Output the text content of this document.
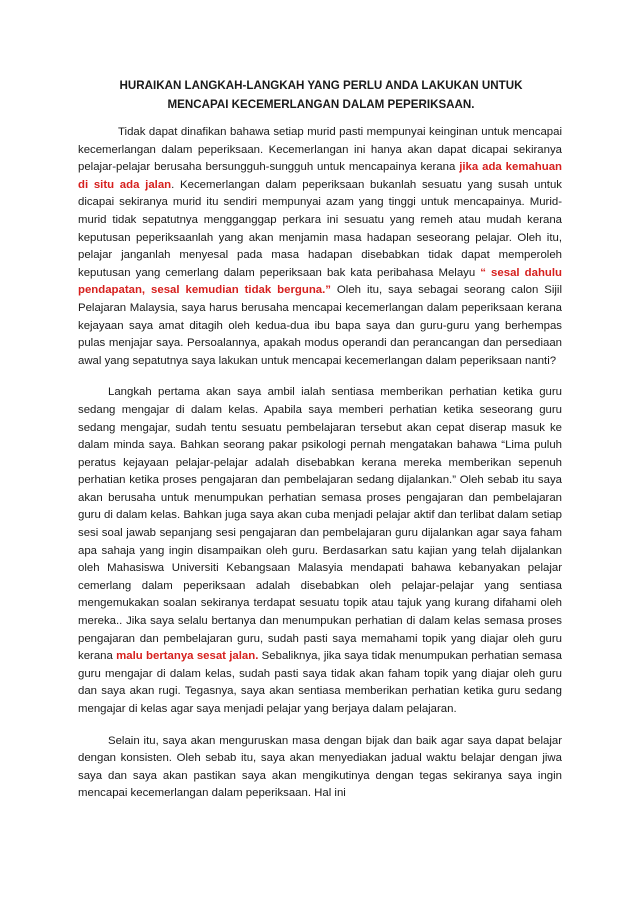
HURAIKAN LANGKAH-LANGKAH YANG PERLU ANDA LAKUKAN UNTUK
MENCAPAI KECEMERLANGAN DALAM PEPERIKSAAN.

Tidak dapat dinafikan bahawa setiap murid pasti mempunyai keinginan untuk mencapai kecemerlangan dalam peperiksaan. Kecemerlangan ini hanya akan dapat dicapai sekiranya pelajar-pelajar berusaha bersungguh-sungguh untuk mencapainya kerana jika ada kemahuan di situ ada jalan. Kecemerlangan dalam peperiksaan bukanlah sesuatu yang susah untuk dicapai sekiranya murid itu sendiri mempunyai azam yang tinggi untuk mencapainya. Murid-murid tidak sepatutnya mengganggap perkara ini sesuatu yang remeh atau mudah kerana keputusan peperiksaanlah yang akan menjamin masa hadapan seseorang pelajar. Oleh itu, pelajar janganlah menyesal pada masa hadapan disebabkan tidak dapat memperoleh keputusan yang cemerlang dalam peperiksaan bak kata peribahasa Melayu “ sesal dahulu pendapatan, sesal kemudian tidak berguna.” Oleh itu, saya sebagai seorang calon Sijil Pelajaran Malaysia, saya harus berusaha mencapai kecemerlangan dalam peperiksaan kerana kejayaan saya amat ditagih oleh kedua-dua ibu bapa saya dan guru-guru yang berhempas pulas menjajar saya. Persoalannya, apakah modus operandi dan perancangan dan persediaan awal yang sepatutnya saya lakukan untuk mencapai kecemerlangan dalam peperiksaan nanti?

Langkah pertama akan saya ambil ialah sentiasa memberikan perhatian ketika guru sedang mengajar di dalam kelas. Apabila saya memberi perhatian ketika seseorang guru sedang mengajar, sudah tentu sesuatu pembelajaran tersebut akan cepat diserap masuk ke dalam minda saya. Bahkan seorang pakar psikologi pernah mengatakan bahawa “Lima puluh peratus kejayaan pelajar-pelajar adalah disebabkan kerana mereka memberikan sepenuh perhatian ketika proses pengajaran dan pembelajaran sedang dijalankan.” Oleh sebab itu saya akan berusaha untuk menumpukan perhatian semasa proses pengajaran dan pembelajaran guru di dalam kelas. Bahkan juga saya akan cuba menjadi pelajar aktif dan terlibat dalam setiap sesi soal jawab sepanjang sesi pengajaran dan pembelajaran guru dijalankan agar saya faham apa sahaja yang ingin disampaikan oleh guru. Berdasarkan satu kajian yang telah dijalankan oleh Mahasiswa Universiti Kebangsaan Malasyia mendapati bahawa kebanyakan pelajar cemerlang dalam peperiksaan adalah disebabkan oleh pelajar-pelajar yang sentiasa mengemukakan soalan sekiranya terdapat sesuatu topik atau tajuk yang kurang difahami oleh mereka.. Jika saya selalu bertanya dan menumpukan perhatian di dalam kelas semasa proses pengajaran dan pembelajaran guru, sudah pasti saya memahami topik yang diajar oleh guru kerana malu bertanya sesat jalan. Sebaliknya, jika saya tidak menumpukan perhatian semasa guru mengajar di dalam kelas, sudah pasti saya tidak akan faham topik yang diajar oleh guru dan saya akan rugi. Tegasnya, saya akan sentiasa memberikan perhatian ketika guru sedang mengajar di kelas agar saya menjadi pelajar yang berjaya dalam pelajaran.

Selain itu, saya akan menguruskan masa dengan bijak dan baik agar saya dapat belajar dengan konsisten. Oleh sebab itu, saya akan menyediakan jadual waktu belajar dengan jiwa saya dan saya akan pastikan saya akan mengikutinya dengan tegas sekiranya saya ingin mencapai kecemerlangan dalam peperiksaan. Hal ini
